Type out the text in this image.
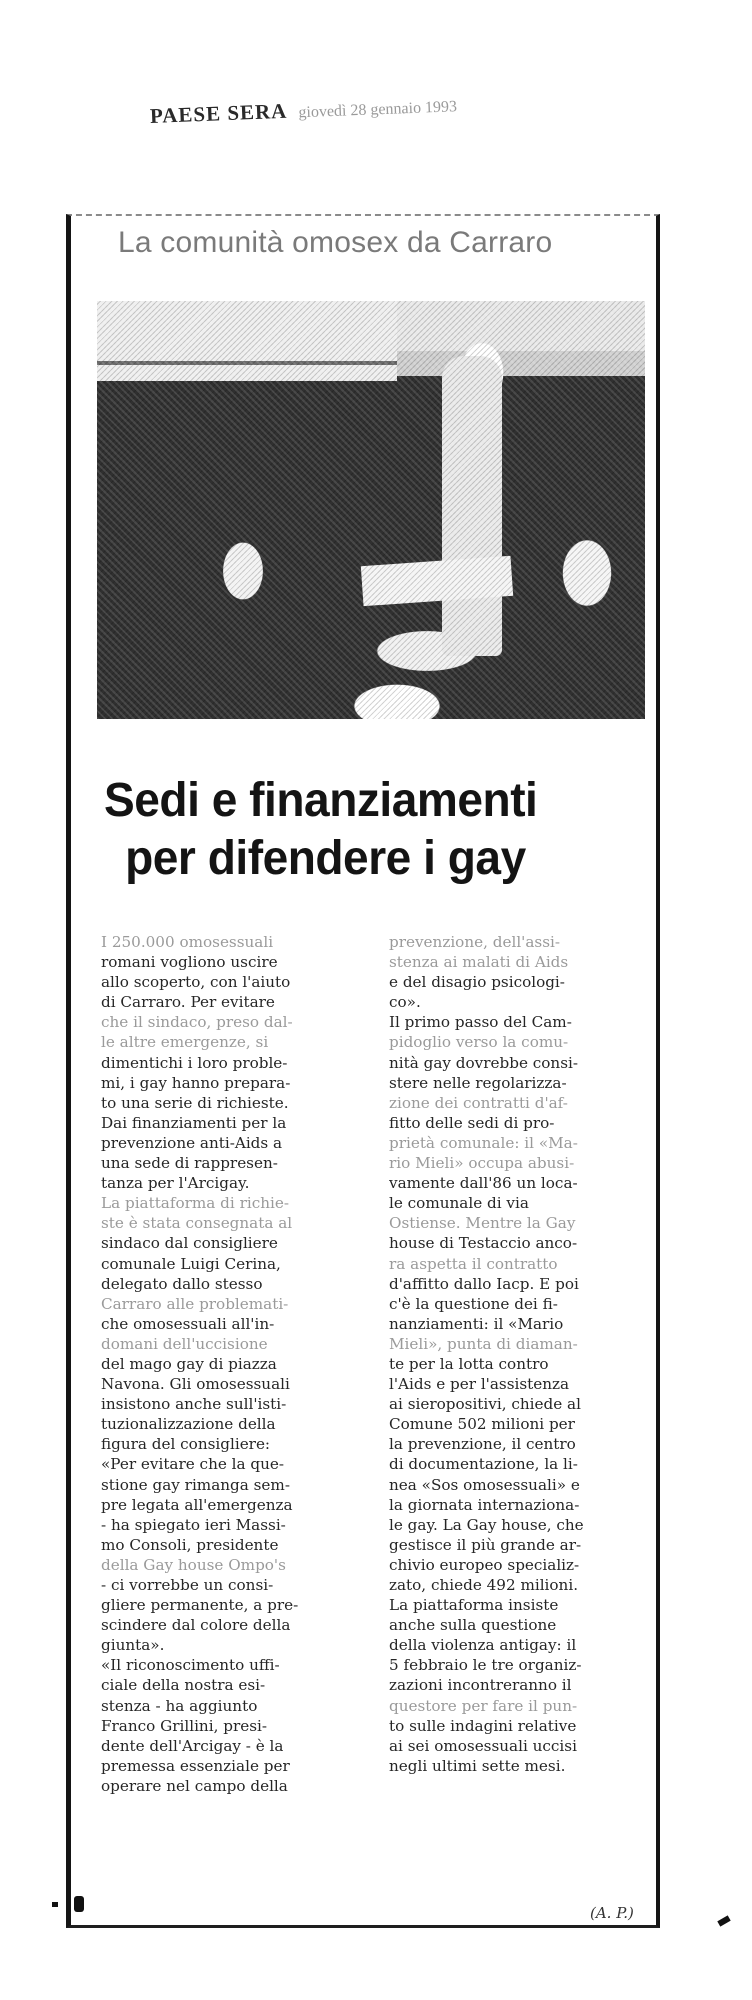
PAESE SERA giovedì 28 gennaio 1993
La comunità omosex da Carraro
Sedi e finanziamenti
per difendere i gay
I 250.000 omosessuali
romani vogliono uscire
allo scoperto, con l'aiuto
di Carraro. Per evitare
che il sindaco, preso dal-
le altre emergenze, si
dimentichi i loro proble-
mi, i gay hanno prepara-
to una serie di richieste.
Dai finanziamenti per la
prevenzione anti-Aids a
una sede di rappresen-
tanza per l'Arcigay.
La piattaforma di richie-
ste è stata consegnata al
sindaco dal consigliere
comunale Luigi Cerina,
delegato dallo stesso
Carraro alle problemati-
che omosessuali all'in-
domani dell'uccisione
del mago gay di piazza
Navona. Gli omosessuali
insistono anche sull'isti-
tuzionalizzazione della
figura del consigliere:
«Per evitare che la que-
stione gay rimanga sem-
pre legata all'emergenza
- ha spiegato ieri Massi-
mo Consoli, presidente
della Gay house Ompo's
- ci vorrebbe un consi-
gliere permanente, a pre-
scindere dal colore della
giunta».
«Il riconoscimento uffi-
ciale della nostra esi-
stenza - ha aggiunto
Franco Grillini, presi-
dente dell'Arcigay - è la
premessa essenziale per
operare nel campo della
prevenzione, dell'assi-
stenza ai malati di Aids
e del disagio psicologi-
co».
Il primo passo del Cam-
pidoglio verso la comu-
nità gay dovrebbe consi-
stere nelle regolarizza-
zione dei contratti d'af-
fitto delle sedi di pro-
prietà comunale: il «Ma-
rio Mieli» occupa abusi-
vamente dall'86 un loca-
le comunale di via
Ostiense. Mentre la Gay
house di Testaccio anco-
ra aspetta il contratto
d'affitto dallo Iacp. E poi
c'è la questione dei fi-
nanziamenti: il «Mario
Mieli», punta di diaman-
te per la lotta contro
l'Aids e per l'assistenza
ai sieropositivi, chiede al
Comune 502 milioni per
la prevenzione, il centro
di documentazione, la li-
nea «Sos omosessuali» e
la giornata internaziona-
le gay. La Gay house, che
gestisce il più grande ar-
chivio europeo specializ-
zato, chiede 492 milioni.
La piattaforma insiste
anche sulla questione
della violenza antigay: il
5 febbraio le tre organiz-
zazioni incontreranno il
questore per fare il pun-
to sulle indagini relative
ai sei omosessuali uccisi
negli ultimi sette mesi.
(A. P.)
